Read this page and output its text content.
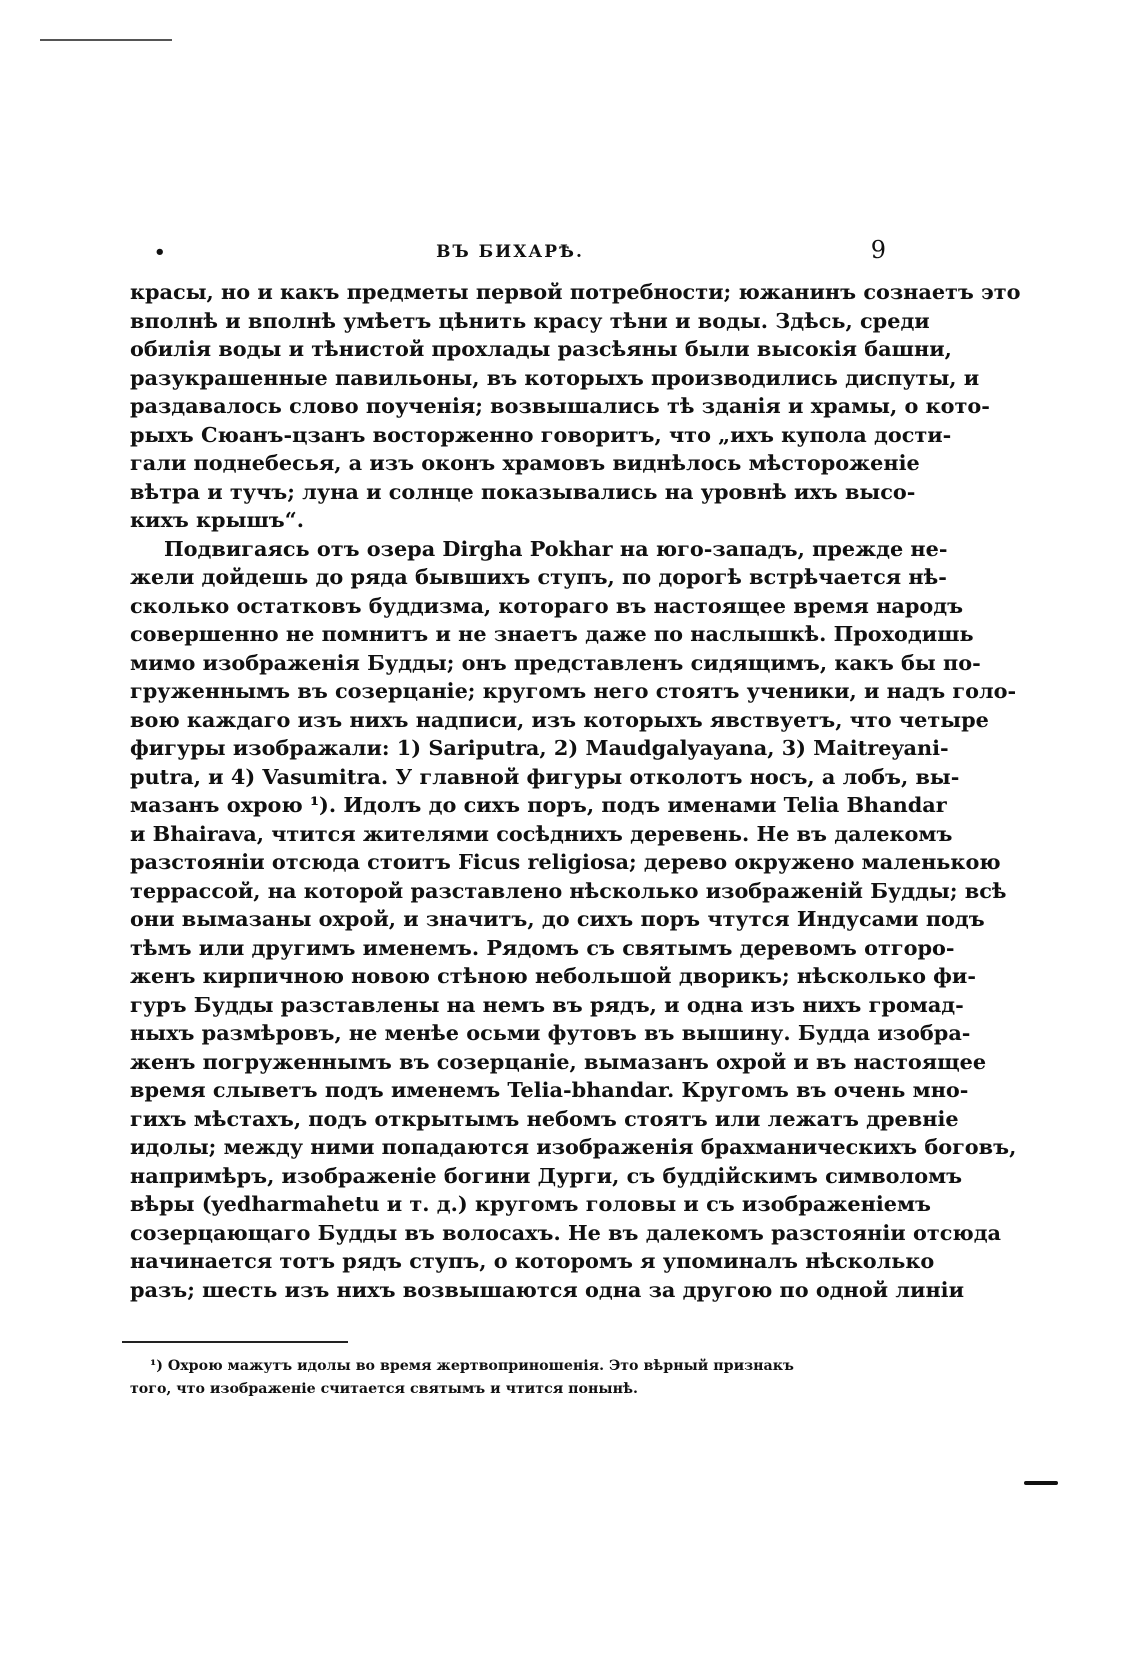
•	ВЪ БИХАРѢ.	9
красы, но и какъ предметы первой потребности; южанинъ сознаетъ это
вполнѣ и вполнѣ умѣетъ цѣнить красу тѣни и воды. Здѣсь, среди
обилія воды и тѣнистой прохлады разсѣяны были высокія башни,
разукрашенные павильоны, въ которыхъ производились диспуты, и
раздавалось слово поученія; возвышались тѣ зданія и храмы, о кото-
рыхъ Сюанъ-цзанъ восторженно говоритъ, что „ихъ купола дости-
гали поднебесья, а изъ оконъ храмовъ виднѣлось мѣстороженіе
вѣтра и тучъ; луна и солнце показывались на уровнѣ ихъ высо-
кихъ крышъ“.
Подвигаясь отъ озера Dirgha Pokhar на юго-западъ, прежде не-
жели дойдешь до ряда бывшихъ ступъ, по дорогѣ встрѣчается нѣ-
сколько остатковъ буддизма, котораго въ настоящее время народъ
совершенно не помнитъ и не знаетъ даже по наслышкѣ. Проходишь
мимо изображенія Будды; онъ представленъ сидящимъ, какъ бы по-
груженнымъ въ созерцаніе; кругомъ него стоятъ ученики, и надъ голо-
вою каждаго изъ нихъ надписи, изъ которыхъ явствуетъ, что четыре
фигуры изображали: 1) Sariputra, 2) Maudgalyayana, 3) Maitreyani-
putra, и 4) Vasumitra. У главной фигуры отколотъ носъ, а лобъ, вы-
мазанъ охрою ¹). Идолъ до сихъ поръ, подъ именами Telia Bhandar
и Bhairava, чтится жителями сосѣднихъ деревень. Не въ далекомъ
разстояніи отсюда стоитъ Ficus religiosa; дерево окружено маленькою
террассой, на которой разставлено нѣсколько изображеній Будды; всѣ
они вымазаны охрой, и значитъ, до сихъ поръ чтутся Индусами подъ
тѣмъ или другимъ именемъ. Рядомъ съ святымъ деревомъ отгоро-
женъ кирпичною новою стѣною небольшой дворикъ; нѣсколько фи-
гуръ Будды разставлены на немъ въ рядъ, и одна изъ нихъ громад-
ныхъ размѣровъ, не менѣе осьми футовъ въ вышину. Будда изобра-
женъ погруженнымъ въ созерцаніе, вымазанъ охрой и въ настоящее
время слыветъ подъ именемъ Telia-bhandar. Кругомъ въ очень мно-
гихъ мѣстахъ, подъ открытымъ небомъ стоятъ или лежатъ древніе
идолы; между ними попадаются изображенія брахманическихъ боговъ,
напримѣръ, изображеніе богини Дурги, съ буддійскимъ символомъ
вѣры (yedharmahetu и т. д.) кругомъ головы и съ изображеніемъ
созерцающаго Будды въ волосахъ. Не въ далекомъ разстояніи отсюда
начинается тотъ рядъ ступъ, о которомъ я упоминалъ нѣсколько
разъ; шесть изъ нихъ возвышаются одна за другою по одной линіи
¹) Охрою мажутъ идолы во время жертвоприношенія. Это вѣрный признакъ
того, что изображеніе считается святымъ и чтится понынѣ.
